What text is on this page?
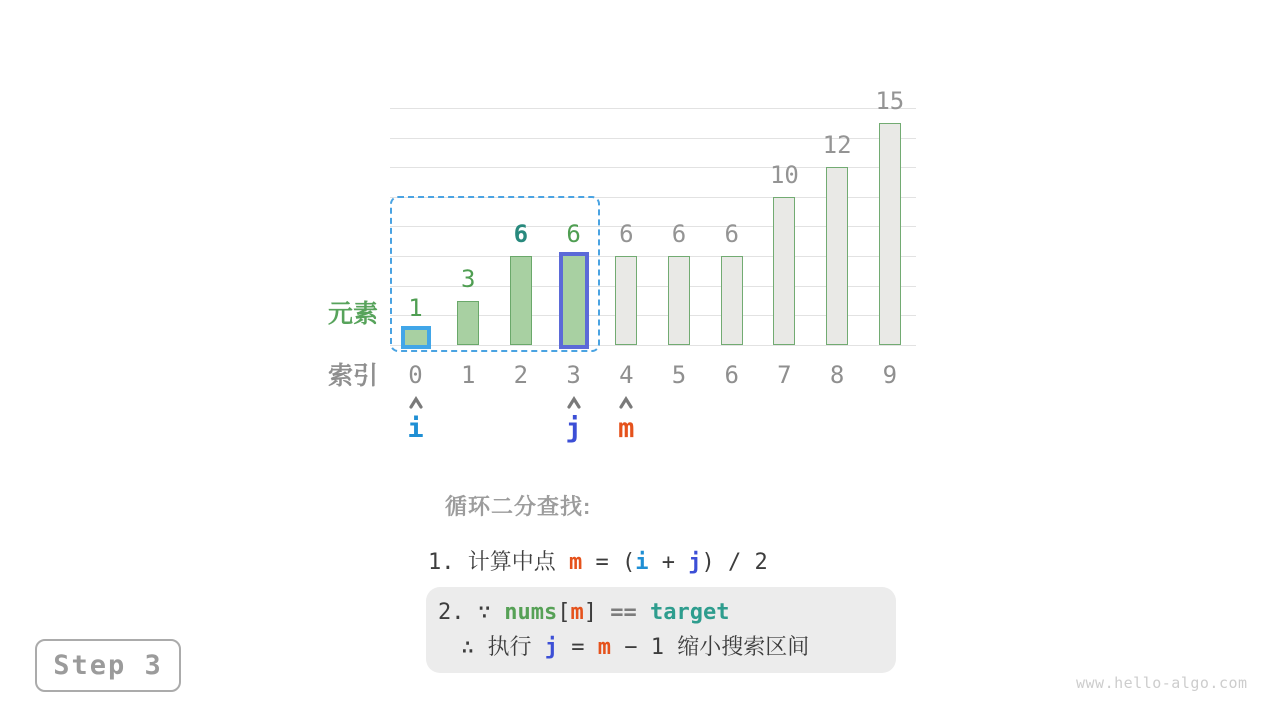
1
0
3
1
6
2
6
3
6
4
6
5
6
6
10
7
12
8
15
9
i	j	m
元素
索引
循环二分查找:
1. 计算中点 m = (i + j) / 2
2. ∵ nums[m] == target
∴ 执行 j = m − 1 缩小搜索区间
Step 3
www.hello-algo.com
